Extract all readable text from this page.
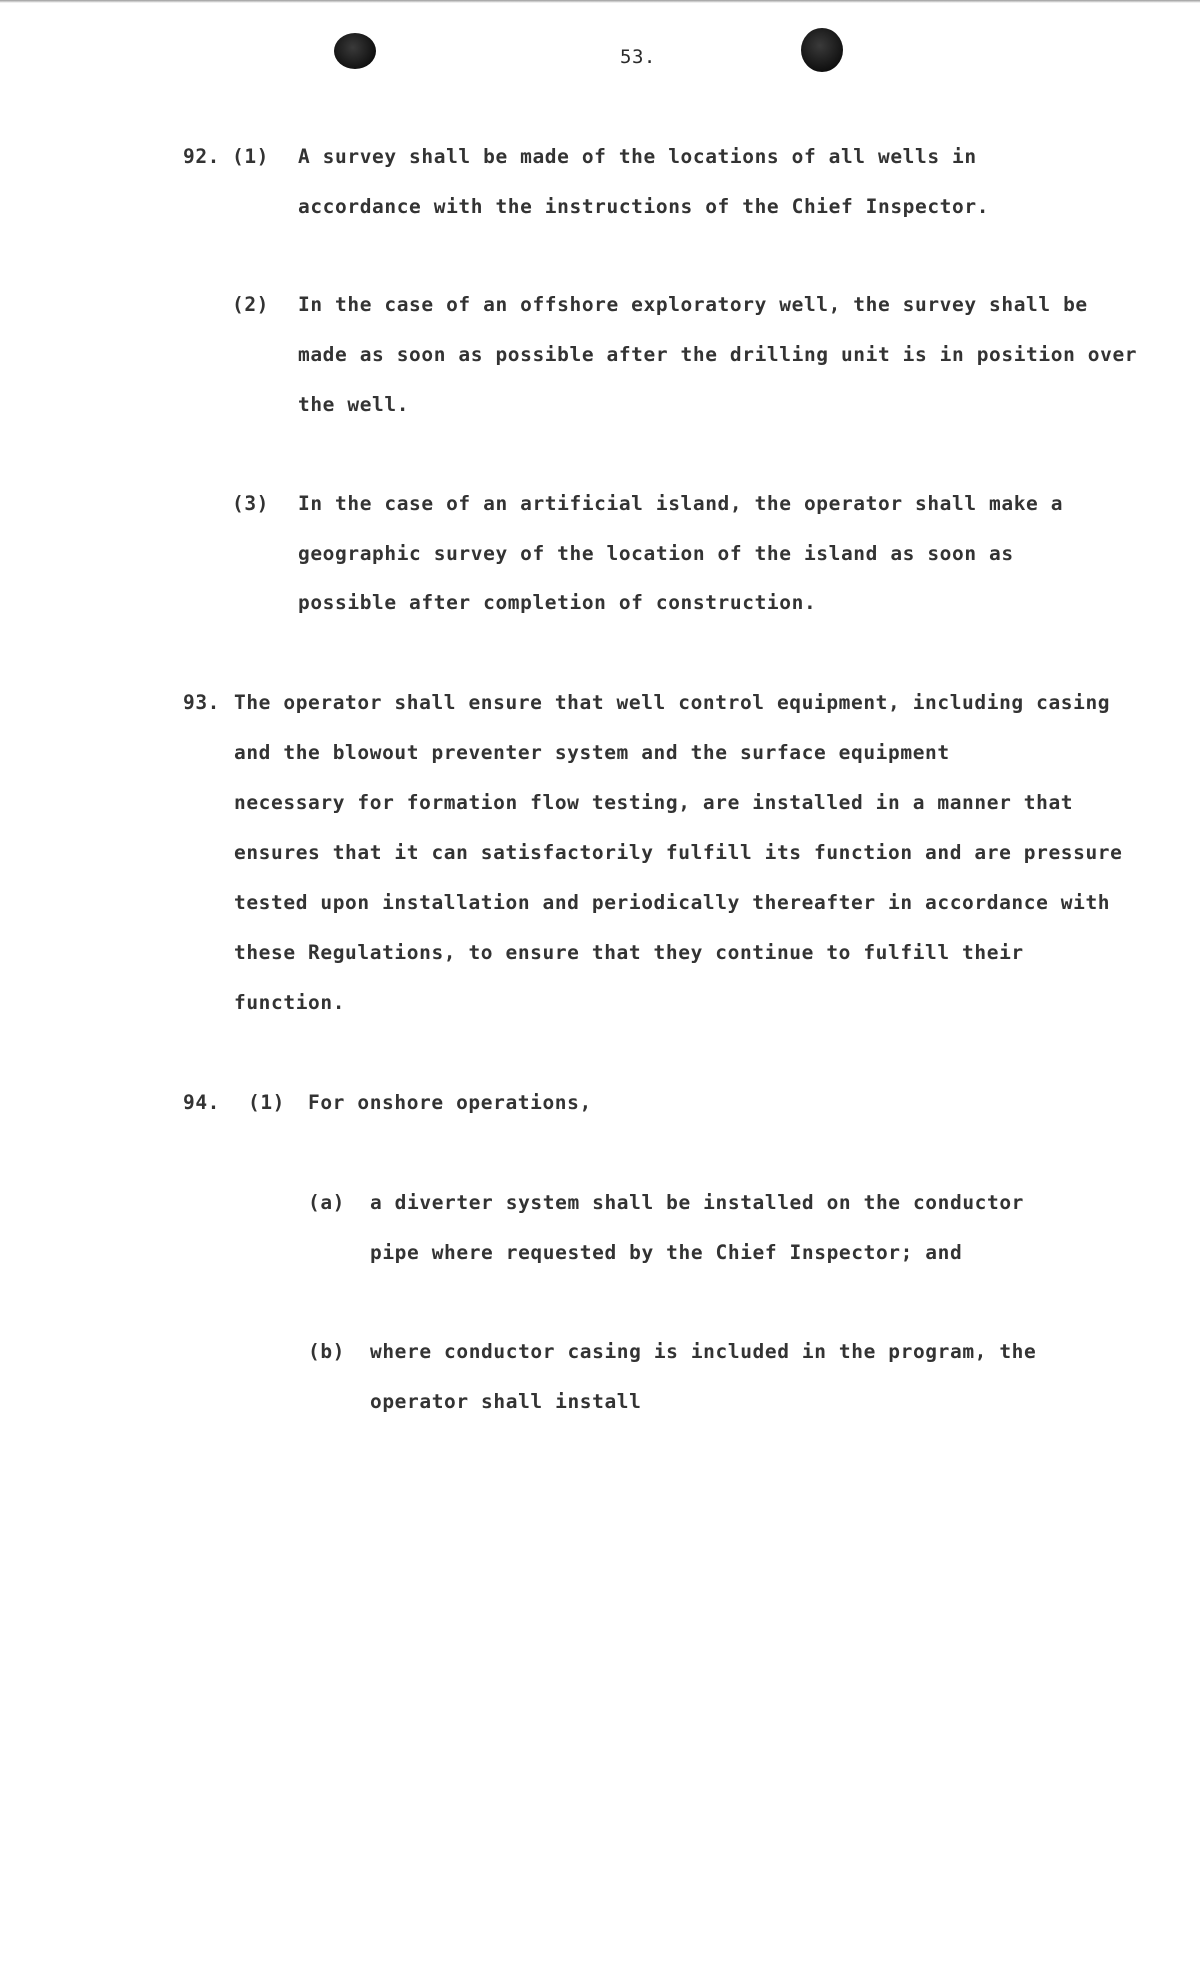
53.
92. (1) A survey shall be made of the locations of all wells in
accordance with the instructions of the Chief Inspector.
(2) In the case of an offshore exploratory well, the survey shall be
made as soon as possible after the drilling unit is in position over
the well.
(3) In the case of an artificial island, the operator shall make a
geographic survey of the location of the island as soon as
possible after completion of construction.
93. The operator shall ensure that well control equipment, including casing
and the blowout preventer system and the surface equipment
necessary for formation flow testing, are installed in a manner that
ensures that it can satisfactorily fulfill its function and are pressure
tested upon installation and periodically thereafter in accordance with
these Regulations, to ensure that they continue to fulfill their
function.
94. (1) For onshore operations,
(a) a diverter system shall be installed on the conductor
pipe where requested by the Chief Inspector; and
(b) where conductor casing is included in the program, the
operator shall install
